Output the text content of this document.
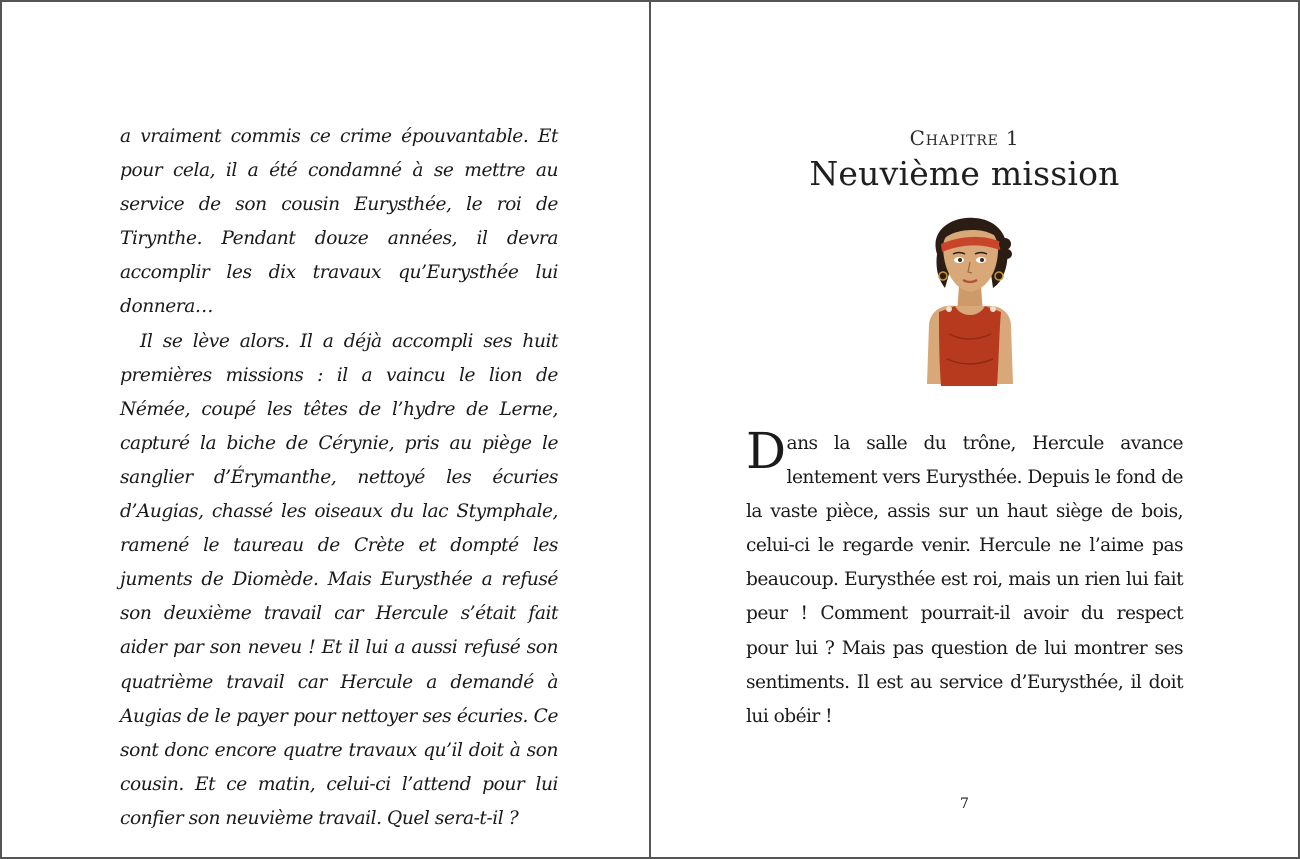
a vraiment commis ce crime épouvantable. Et pour cela, il a été condamné à se mettre au service de son cousin Eurysthée, le roi de Tirynthe. Pendant douze années, il devra accomplir les dix travaux qu’Eurysthée lui donnera…

Il se lève alors. Il a déjà accompli ses huit premières missions : il a vaincu le lion de Némée, coupé les têtes de l’hydre de Lerne, capturé la biche de Cérynie, pris au piège le sanglier d’Érymanthe, nettoyé les écuries d’Augias, chassé les oiseaux du lac Stymphale, ramené le taureau de Crète et dompté les juments de Diomède. Mais Eurysthée a refusé son deuxième travail car Hercule s’était fait aider par son neveu ! Et il lui a aussi refusé son quatrième travail car Hercule a demandé à Augias de le payer pour nettoyer ses écuries. Ce sont donc encore quatre travaux qu’il doit à son cousin. Et ce matin, celui-ci l’attend pour lui confier son neuvième travail. Quel sera-t-il ?

Chapitre 1
Neuvième mission

Dans la salle du trône, Hercule avance lentement vers Eurysthée. Depuis le fond de la vaste pièce, assis sur un haut siège de bois, celui-ci le regarde venir. Hercule ne l’aime pas beaucoup. Eurysthée est roi, mais un rien lui fait peur ! Comment pourrait-il avoir du respect pour lui ? Mais pas question de lui montrer ses sentiments. Il est au service d’Eurysthée, il doit lui obéir !

7
